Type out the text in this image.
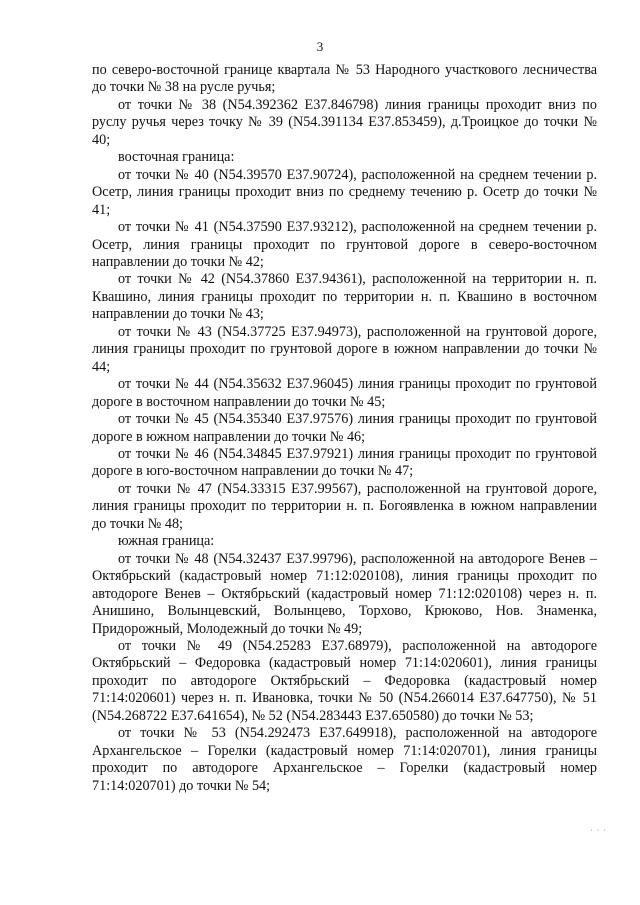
3

по северо-восточной границе квартала № 53 Народного участкового лесничества до точки № 38 на русле ручья;

от точки № 38 (N54.392362 E37.846798) линия границы проходит вниз по руслу ручья через точку № 39 (N54.391134 E37.853459), д.Троицкое до точки № 40;

восточная граница:

от точки № 40 (N54.39570 E37.90724), расположенной на среднем течении р. Осетр, линия границы проходит вниз по среднему течению р. Осетр до точки № 41;

от точки № 41 (N54.37590 E37.93212), расположенной на среднем течении р. Осетр, линия границы проходит по грунтовой дороге в северо-восточном направлении до точки № 42;

от точки № 42 (N54.37860 E37.94361), расположенной на территории н. п. Квашино, линия границы проходит по территории н. п. Квашино в восточном направлении до точки № 43;

от точки № 43 (N54.37725 E37.94973), расположенной на грунтовой дороге, линия границы проходит по грунтовой дороге в южном направлении до точки № 44;

от точки № 44 (N54.35632 E37.96045) линия границы проходит по грунтовой дороге в восточном направлении до точки № 45;

от точки № 45 (N54.35340 E37.97576) линия границы проходит по грунтовой дороге в южном направлении до точки № 46;

от точки № 46 (N54.34845 E37.97921) линия границы проходит по грунтовой дороге в юго-восточном направлении до точки № 47;

от точки № 47 (N54.33315 E37.99567), расположенной на грунтовой дороге, линия границы проходит по территории н. п. Богоявленка в южном направлении до точки № 48;

южная граница:

от точки № 48 (N54.32437 E37.99796), расположенной на автодороге Венев – Октябрьский (кадастровый номер 71:12:020108), линия границы проходит по автодороге Венев – Октябрьский (кадастровый номер 71:12:020108) через н. п. Анишино, Волынцевский, Волынцево, Торхово, Крюково, Нов. Знаменка, Придорожный, Молодежный до точки № 49;

от точки № 49 (N54.25283 E37.68979), расположенной на автодороге Октябрьский – Федоровка (кадастровый номер 71:14:020601), линия границы проходит по автодороге Октябрьский – Федоровка (кадастровый номер 71:14:020601) через н. п. Ивановка, точки № 50 (N54.266014 E37.647750), № 51 (N54.268722 E37.641654), № 52 (N54.283443 E37.650580) до точки № 53;

от точки № 53 (N54.292473 E37.649918), расположенной на автодороге Архангельское – Горелки (кадастровый номер 71:14:020701), линия границы проходит по автодороге Архангельское – Горелки (кадастровый номер 71:14:020701) до точки № 54;

· · ·
